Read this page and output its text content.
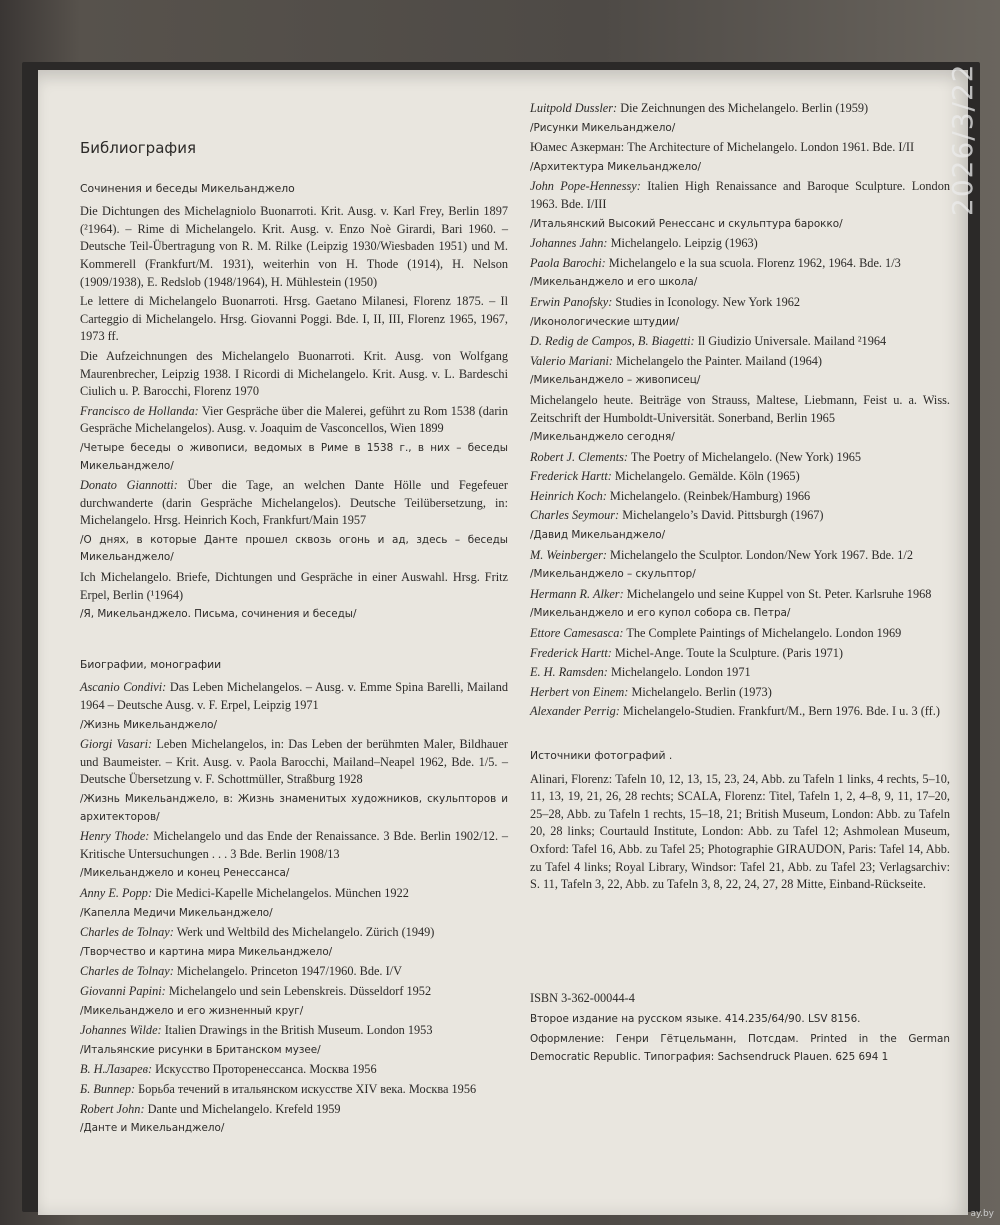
Библиография
Сочинения и беседы Микельанджело
Die Dichtungen des Michelagniolo Buonarroti. Krit. Ausg. v. Karl Frey, Berlin 1897 (²1964). – Rime di Michelangelo. Krit. Ausg. v. Enzo Noè Girardi, Bari 1960. – Deutsche Teil-Übertragung von R. M. Rilke (Leipzig 1930/Wiesbaden 1951) und M. Kommerell (Frankfurt/M. 1931), weiterhin von H. Thode (1914), H. Nelson (1909/1938), E. Redslob (1948/1964), H. Mühlestein (1950)
Le lettere di Michelangelo Buonarroti. Hrsg. Gaetano Milanesi, Florenz 1875. – Il Carteggio di Michelangelo. Hrsg. Giovanni Poggi. Bde. I, II, III, Florenz 1965, 1967, 1973 ff.
Die Aufzeichnungen des Michelangelo Buonarroti. Krit. Ausg. von Wolfgang Maurenbrecher, Leipzig 1938. I Ricordi di Michelangelo. Krit. Ausg. v. L. Bardeschi Ciulich u. P. Barocchi, Florenz 1970
Francisco de Hollanda: Vier Gespräche über die Malerei, geführt zu Rom 1538 (darin Gespräche Michelangelos). Ausg. v. Joaquim de Vasconcellos, Wien 1899
/Четыре беседы о живописи, ведомых в Риме в 1538 г., в них – беседы Микельанджело/
Donato Giannotti: Über die Tage, an welchen Dante Hölle und Fegefeuer durchwanderte (darin Gespräche Michelangelos). Deutsche Teilübersetzung, in: Michelangelo. Hrsg. Heinrich Koch, Frankfurt/Main 1957
/О днях, в которые Данте прошел сквозь огонь и ад, здесь – беседы Микельанджело/
Ich Michelangelo. Briefe, Dichtungen und Gespräche in einer Auswahl. Hrsg. Fritz Erpel, Berlin (¹1964)
/Я, Микельанджело. Письма, сочинения и беседы/
Биографии, монографии
Ascanio Condivi: Das Leben Michelangelos. – Ausg. v. Emme Spina Barelli, Mailand 1964 – Deutsche Ausg. v. F. Erpel, Leipzig 1971
/Жизнь Микельанджело/
Giorgi Vasari: Leben Michelangelos, in: Das Leben der berühmten Maler, Bildhauer und Baumeister. – Krit. Ausg. v. Paola Barocchi, Mailand–Neapel 1962, Bde. 1/5. – Deutsche Übersetzung v. F. Schottmüller, Straßburg 1928
/Жизнь Микельанджело, в: Жизнь знаменитых художников, скульпторов и архитекторов/
Henry Thode: Michelangelo und das Ende der Renaissance. 3 Bde. Berlin 1902/12. – Kritische Untersuchungen . . . 3 Bde. Berlin 1908/13
/Микельанджело и конец Ренессанса/
Anny E. Popp: Die Medici-Kapelle Michelangelos. München 1922
/Капелла Медичи Микельанджело/
Charles de Tolnay: Werk und Weltbild des Michelangelo. Zürich (1949)
/Творчество и картина мира Микельанджело/
Charles de Tolnay: Michelangelo. Princeton 1947/1960. Bde. I/V
Giovanni Papini: Michelangelo und sein Lebenskreis. Düsseldorf 1952
/Микельанджело и его жизненный круг/
Johannes Wilde: Italien Drawings in the British Museum. London 1953
/Итальянские рисунки в Британском музее/
В. Н.Лазарев: Искусство Протоpeнессанса. Москва 1956
Б. Виппер: Борьба течений в итальянском искусстве XIV века. Москва 1956
Robert John: Dante und Michelangelo. Krefeld 1959
/Данте и Микельанджело/
Luitpold Dussler: Die Zeichnungen des Michelangelo. Berlin (1959)
/Рисунки Микельанджело/
Юамес Азкерман: The Architecture of Michelangelo. London 1961. Bde. I/II
/Архитектура Микельанджело/
John Pope-Hennessy: Italien High Renaissance and Baroque Sculpture. London 1963. Bde. I/III
/Итальянский Высокий Ренессанс и скульптура барокко/
Johannes Jahn: Michelangelo. Leipzig (1963)
Paola Barochi: Michelangelo e la sua scuola. Florenz 1962, 1964. Bde. 1/3
/Микельанджело и его школа/
Erwin Panofsky: Studies in Iconology. New York 1962
/Иконологические штудии/
D. Redig de Campos, B. Biagetti: Il Giudizio Universale. Mailand ²1964
Valerio Mariani: Michelangelo the Painter. Mailand (1964)
/Микельанджело – живописец/
Michelangelo heute. Beiträge von Strauss, Maltese, Liebmann, Feist u. a. Wiss. Zeitschrift der Humboldt-Universität. Sonerband, Berlin 1965
/Микельанджело сегодня/
Robert J. Clements: The Poetry of Michelangelo. (New York) 1965
Frederick Hartt: Michelangelo. Gemälde. Köln (1965)
Heinrich Koch: Michelangelo. (Reinbek/Hamburg) 1966
Charles Seymour: Michelangelo’s David. Pittsburgh (1967)
/Давид Микельанджело/
M. Weinberger: Michelangelo the Sculptor. London/New York 1967. Bde. 1/2
/Микельанджело – скульптор/
Hermann R. Alker: Michelangelo und seine Kuppel von St. Peter. Karlsruhe 1968
/Микельанджело и его купол собора св. Петра/
Ettore Camesasca: The Complete Paintings of Michelangelo. London 1969
Frederick Hartt: Michel-Ange. Toute la Sculpture. (Paris 1971)
E. H. Ramsden: Michelangelo. London 1971
Herbert von Einem: Michelangelo. Berlin (1973)
Alexander Perrig: Michelangelo-Studien. Frankfurt/M., Bern 1976. Bde. I u. 3 (ff.)
Источники фотографий .
Alinari, Florenz: Tafeln 10, 12, 13, 15, 23, 24, Abb. zu Tafeln 1 links, 4 rechts, 5–10, 11, 13, 19, 21, 26, 28 rechts; SCALA, Florenz: Titel, Tafeln 1, 2, 4–8, 9, 11, 17–20, 25–28, Abb. zu Tafeln 1 rechts, 15–18, 21; British Museum, London: Abb. zu Tafeln 20, 28 links; Courtauld Institute, London: Abb. zu Tafel 12; Ashmolean Museum, Oxford: Tafel 16, Abb. zu Tafel 25; Photographie GIRAUDON, Paris: Tafel 14, Abb. zu Tafel 4 links; Royal Library, Windsor: Tafel 21, Abb. zu Tafel 23; Verlagsarchiv: S. 11, Tafeln 3, 22, Abb. zu Tafeln 3, 8, 22, 24, 27, 28 Mitte, Einband-Rückseite.
ISBN 3-362-00044-4
Второе издание на русском языке. 414.235/64/90. LSV 8156.
Оформление: Генри Гётцельманн, Потсдам. Printed in the German Democratic Republic. Типография: Sachsendruck Plauen. 625 694 1
2026/3/22
ay.by
